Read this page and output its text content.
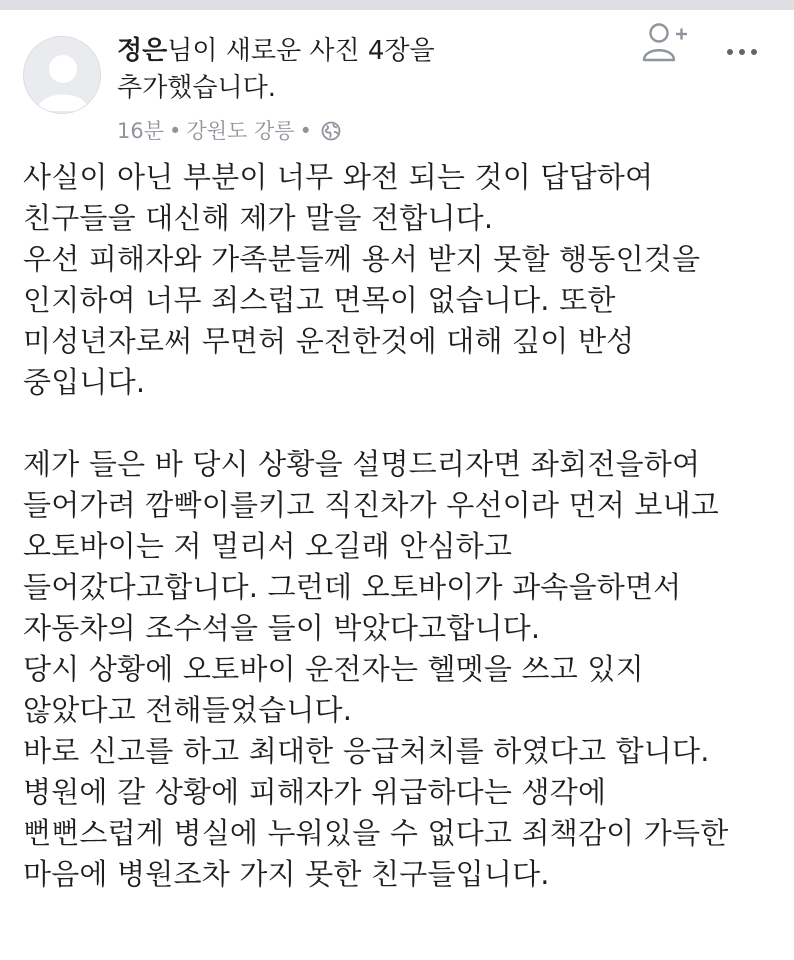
정은님이 새로운 사진 4장을
추가했습니다.
16분 • 강원도 강릉 •
사실이 아닌 부분이 너무 와전 되는 것이 답답하여
친구들을 대신해 제가 말을 전합니다.
우선 피해자와 가족분들께 용서 받지 못할 행동인것을
인지하여 너무 죄스럽고 면목이 없습니다. 또한
미성년자로써 무면허 운전한것에 대해 깊이 반성
중입니다.
제가 들은 바 당시 상황을 설명드리자면 좌회전을하여
들어가려 깜빡이를키고 직진차가 우선이라 먼저 보내고
오토바이는 저 멀리서 오길래 안심하고
들어갔다고합니다. 그런데 오토바이가 과속을하면서
자동차의 조수석을 들이 박았다고합니다.
당시 상황에 오토바이 운전자는 헬멧을 쓰고 있지
않았다고 전해들었습니다.
바로 신고를 하고 최대한 응급처치를 하였다고 합니다.
병원에 갈 상황에 피해자가 위급하다는 생각에
뻔뻔스럽게 병실에 누워있을 수 없다고 죄책감이 가득한
마음에 병원조차 가지 못한 친구들입니다.
